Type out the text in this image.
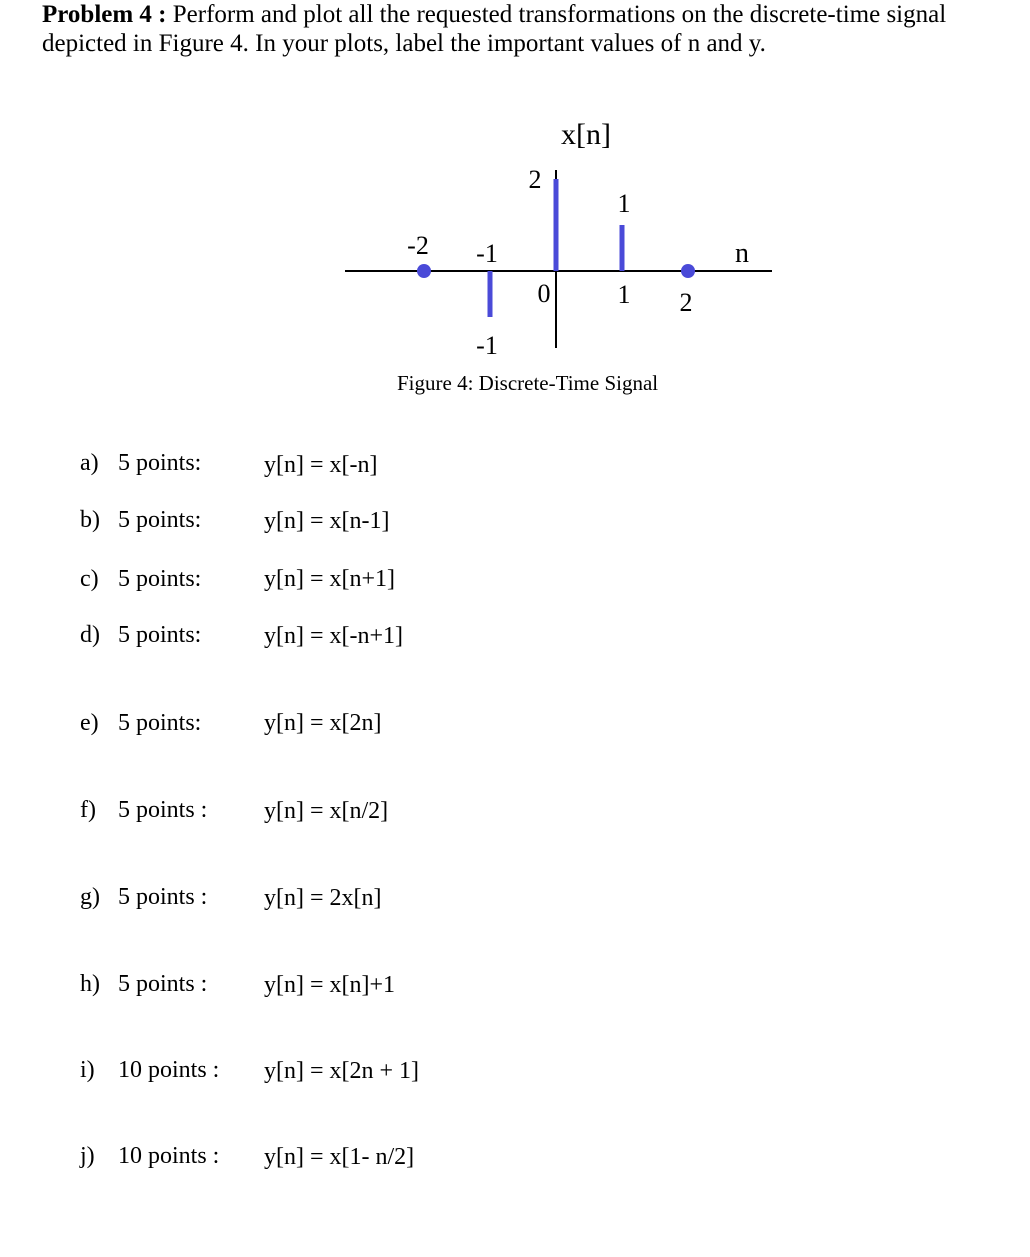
Problem 4 : Perform and plot all the requested transformations on the discrete-time signal depicted in Figure 4. In your plots, label the important values of n and y.
-2 -1
0	1 2
-1
2
1
x[n]
n
Figure 4: Discrete-Time Signal
a) 5 points:	y[n] = x[-n]
b) 5 points:	y[n] = x[n-1]
c) 5 points:	y[n] = x[n+1]
d) 5 points:	y[n] = x[-n+1]
e) 5 points:	y[n] = x[2n]
f) 5 points : y[n] = x[n/2]
g) 5 points : y[n] = 2x[n]
h) 5 points : y[n] = x[n]+1
i) 10 points : y[n] = x[2n + 1]
j) 10 points : y[n] = x[1- n/2]
